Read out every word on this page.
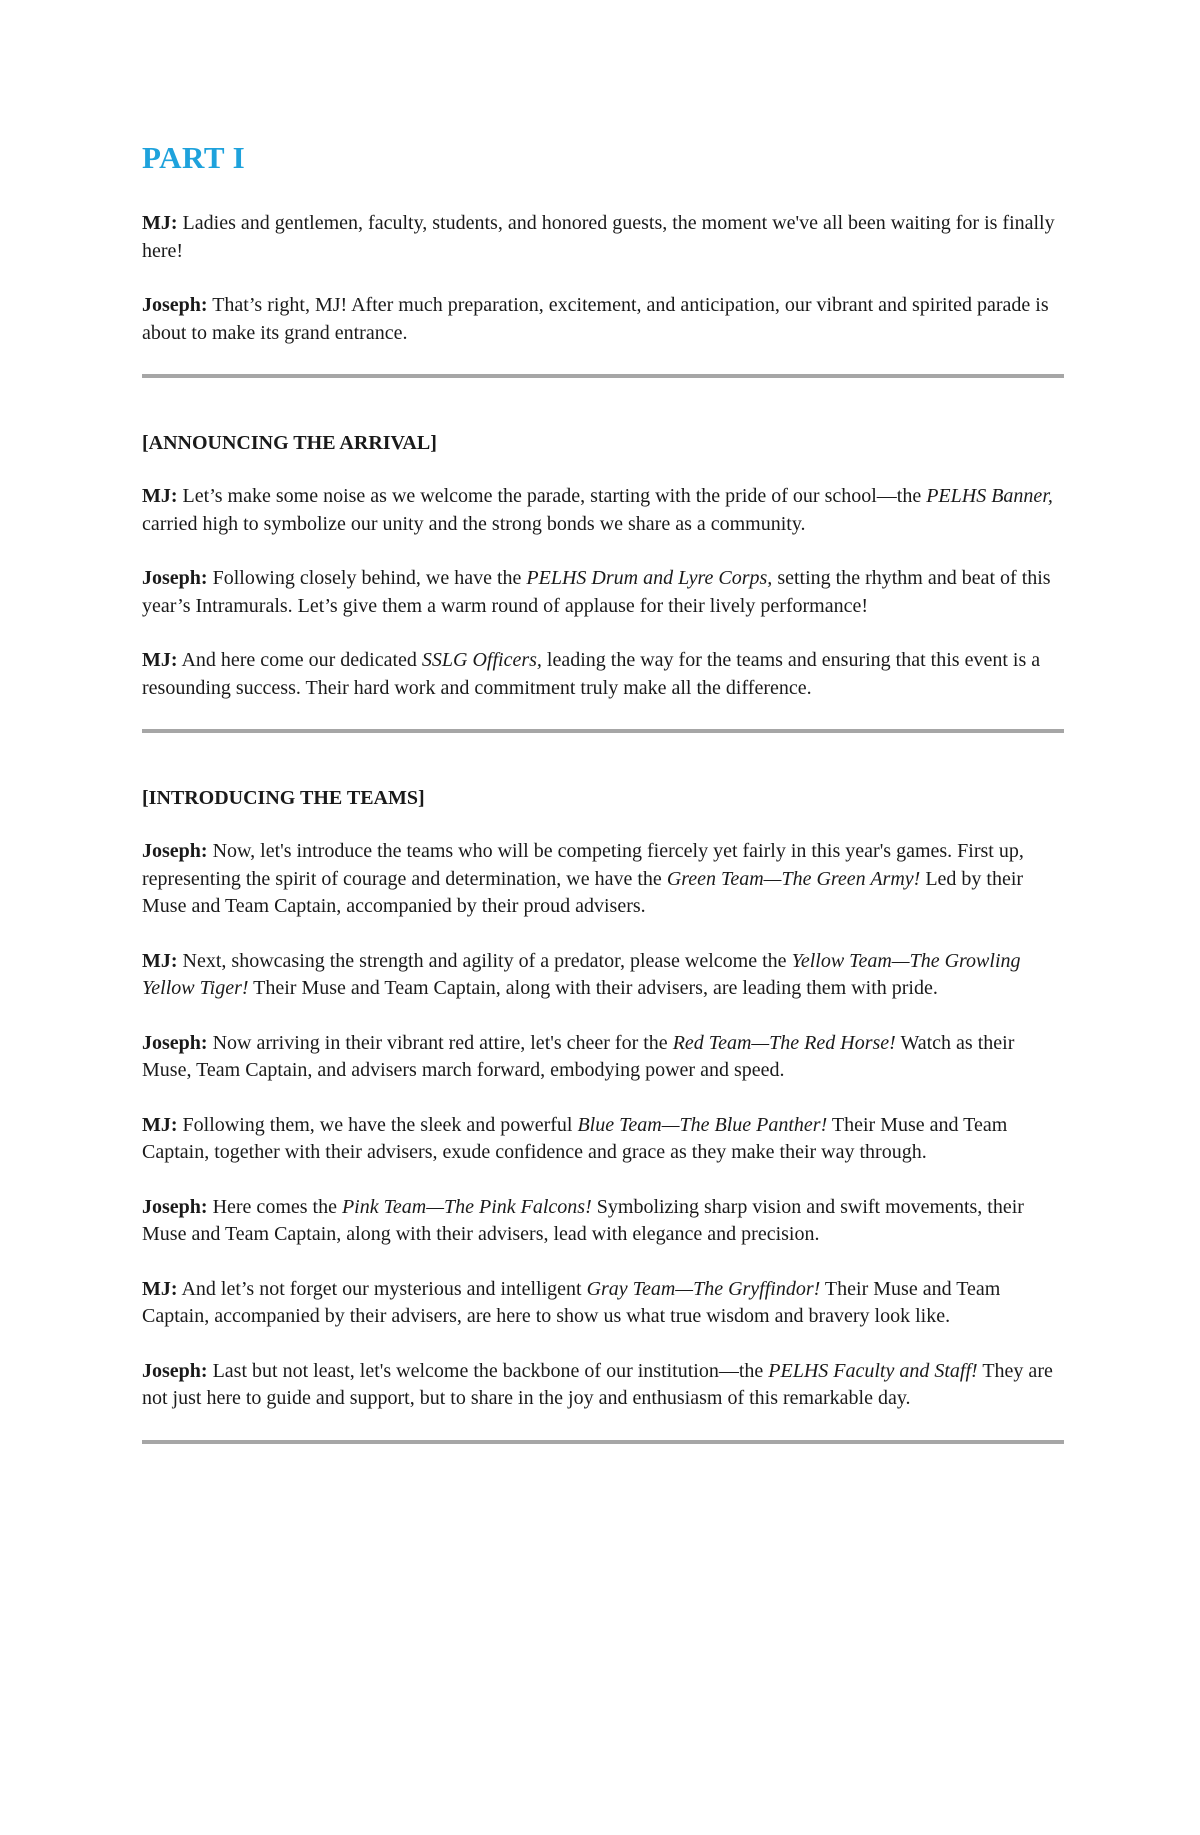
PART I

MJ: Ladies and gentlemen, faculty, students, and honored guests, the moment we've all been waiting for is finally here!

Joseph: That’s right, MJ! After much preparation, excitement, and anticipation, our vibrant and spirited parade is about to make its grand entrance.

[ANNOUNCING THE ARRIVAL]

MJ: Let’s make some noise as we welcome the parade, starting with the pride of our school—the PELHS Banner, carried high to symbolize our unity and the strong bonds we share as a community.

Joseph: Following closely behind, we have the PELHS Drum and Lyre Corps, setting the rhythm and beat of this year’s Intramurals. Let’s give them a warm round of applause for their lively performance!

MJ: And here come our dedicated SSLG Officers, leading the way for the teams and ensuring that this event is a resounding success. Their hard work and commitment truly make all the difference.

[INTRODUCING THE TEAMS]

Joseph: Now, let's introduce the teams who will be competing fiercely yet fairly in this year's games. First up, representing the spirit of courage and determination, we have the Green Team—The Green Army! Led by their Muse and Team Captain, accompanied by their proud advisers.

MJ: Next, showcasing the strength and agility of a predator, please welcome the Yellow Team—The Growling Yellow Tiger! Their Muse and Team Captain, along with their advisers, are leading them with pride.

Joseph: Now arriving in their vibrant red attire, let's cheer for the Red Team—The Red Horse! Watch as their Muse, Team Captain, and advisers march forward, embodying power and speed.

MJ: Following them, we have the sleek and powerful Blue Team—The Blue Panther! Their Muse and Team Captain, together with their advisers, exude confidence and grace as they make their way through.

Joseph: Here comes the Pink Team—The Pink Falcons! Symbolizing sharp vision and swift movements, their Muse and Team Captain, along with their advisers, lead with elegance and precision.

MJ: And let’s not forget our mysterious and intelligent Gray Team—The Gryffindor! Their Muse and Team Captain, accompanied by their advisers, are here to show us what true wisdom and bravery look like.

Joseph: Last but not least, let's welcome the backbone of our institution—the PELHS Faculty and Staff! They are not just here to guide and support, but to share in the joy and enthusiasm of this remarkable day.
